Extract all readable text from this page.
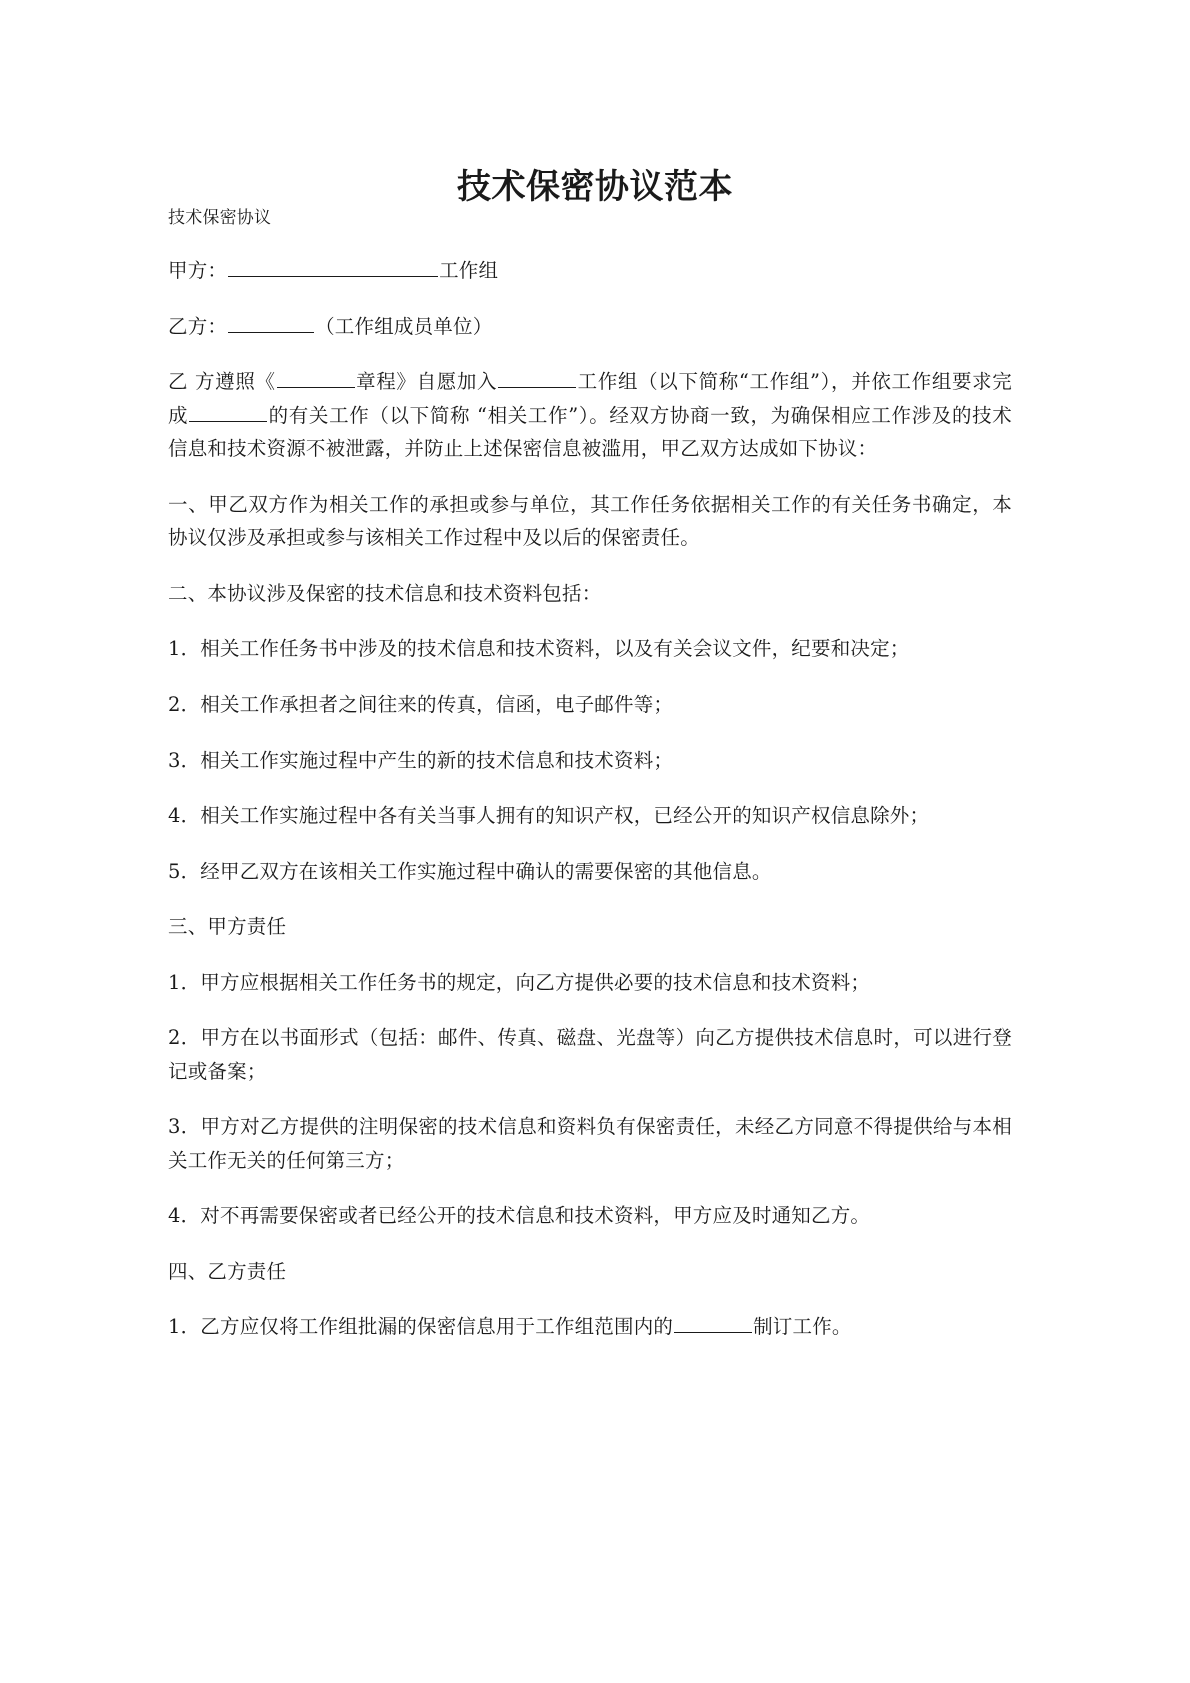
技术保密协议范本

技术保密协议

甲方：	工作组

乙方：	（工作组成员单位）

乙 方遵照《	章程》自愿加入	工作组（以下简称“工作组”），并依工作组要求完成	的有关工作（以下简称 “相关工作”）。经双方协商一致，为确保相应工作涉及的技术信息和技术资源不被泄露，并防止上述保密信息被滥用，甲乙双方达成如下协议：

一、甲乙双方作为相关工作的承担或参与单位，其工作任务依据相关工作的有关任务书确定，本协议仅涉及承担或参与该相关工作过程中及以后的保密责任。

二、本协议涉及保密的技术信息和技术资料包括：

1．相关工作任务书中涉及的技术信息和技术资料，以及有关会议文件，纪要和决定；

2．相关工作承担者之间往来的传真，信函，电子邮件等；

3．相关工作实施过程中产生的新的技术信息和技术资料；

4．相关工作实施过程中各有关当事人拥有的知识产权，已经公开的知识产权信息除外；

5．经甲乙双方在该相关工作实施过程中确认的需要保密的其他信息。

三、甲方责任

1．甲方应根据相关工作任务书的规定，向乙方提供必要的技术信息和技术资料；

2．甲方在以书面形式（包括：邮件、传真、磁盘、光盘等）向乙方提供技术信息时，可以进行登记或备案；

3．甲方对乙方提供的注明保密的技术信息和资料负有保密责任，未经乙方同意不得提供给与本相关工作无关的任何第三方；

4．对不再需要保密或者已经公开的技术信息和技术资料，甲方应及时通知乙方。

四、乙方责任

1．乙方应仅将工作组批漏的保密信息用于工作组范围内的	制订工作。
